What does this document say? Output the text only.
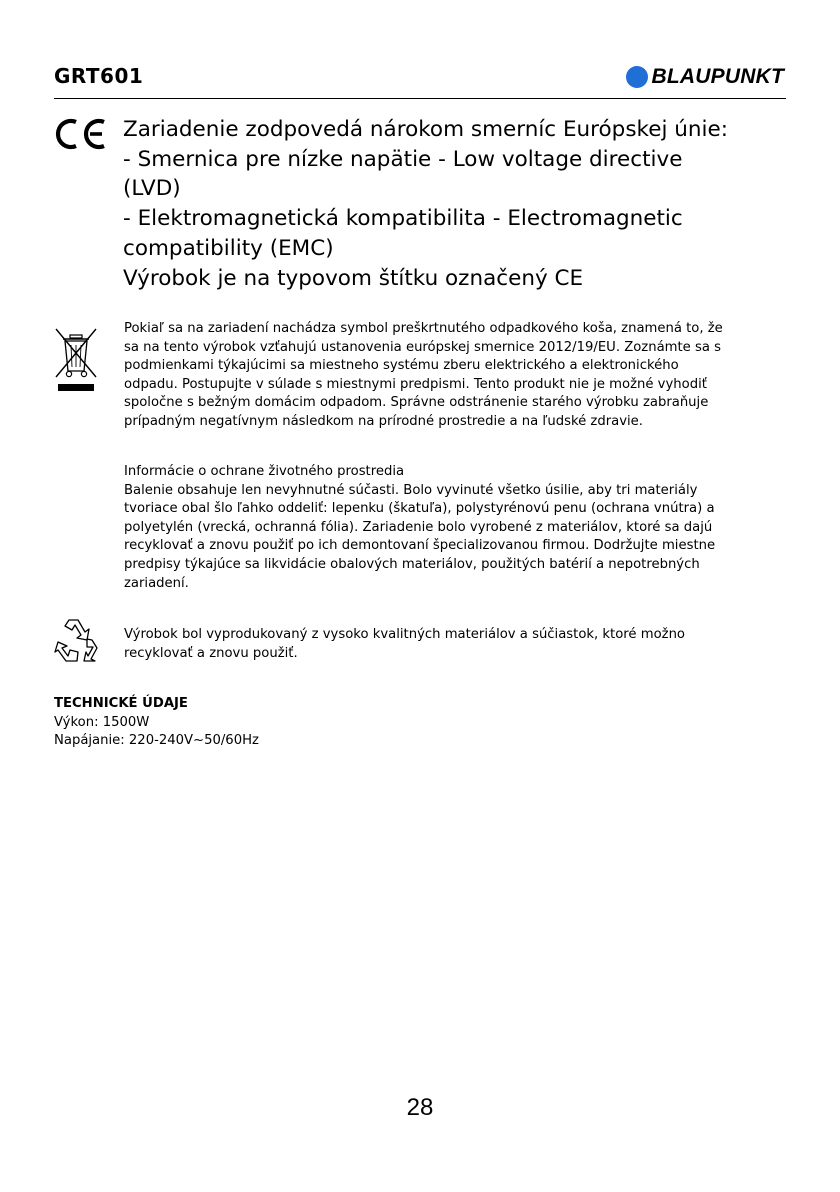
GRT601	BLAUPUNKT
Zariadenie zodpovedá nárokom smerníc Európskej únie:
- Smernica pre nízke napätie - Low voltage directive
(LVD)
- Elektromagnetická kompatibilita - Electromagnetic
compatibility (EMC)
Výrobok je na typovom štítku označený CE
Pokiaľ sa na zariadení nachádza symbol preškrtnutého odpadkového koša, znamená to, že
sa na tento výrobok vzťahujú ustanovenia európskej smernice 2012/19/EU. Zoznámte sa s
podmienkami týkajúcimi sa miestneho systému zberu elektrického a elektronického
odpadu. Postupujte v súlade s miestnymi predpismi. Tento produkt nie je možné vyhodiť
spoločne s bežným domácim odpadom. Správne odstránenie starého výrobku zabraňuje
prípadným negatívnym následkom na prírodné prostredie a na ľudské zdravie.
Informácie o ochrane životného prostredia
Balenie obsahuje len nevyhnutné súčasti. Bolo vyvinuté všetko úsilie, aby tri materiály
tvoriace obal šlo ľahko oddeliť: lepenku (škatuľa), polystyrénovú penu (ochrana vnútra) a
polyetylén (vrecká, ochranná fólia). Zariadenie bolo vyrobené z materiálov, ktoré sa dajú
recyklovať a znovu použiť po ich demontovaní špecializovanou firmou. Dodržujte miestne
predpisy týkajúce sa likvidácie obalových materiálov, použitých batérií a nepotrebných
zariadení.
Výrobok bol vyprodukovaný z vysoko kvalitných materiálov a súčiastok, ktoré možno
recyklovať a znovu použiť.
TECHNICKÉ ÚDAJE
Výkon: 1500W
Napájanie: 220-240V~50/60Hz
28
